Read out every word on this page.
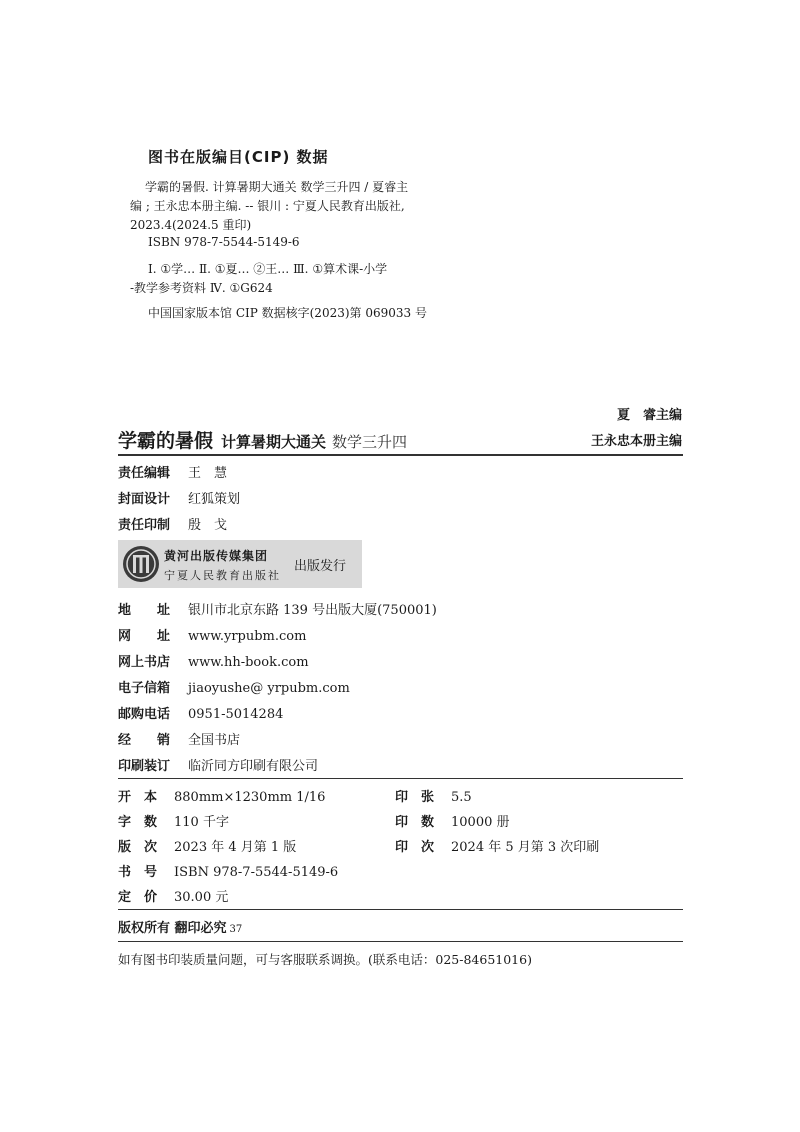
图书在版编目(CIP) 数据
学霸的暑假. 计算暑期大通关 数学三升四 / 夏睿主
编 ; 王永忠本册主编. -- 银川 : 宁夏人民教育出版社,
2023.4(2024.5 重印)
ISBN 978-7-5544-5149-6
Ⅰ. ①学… Ⅱ. ①夏… ②王… Ⅲ. ①算术课-小学
-教学参考资料 Ⅳ. ①G624
中国国家版本馆 CIP 数据核字(2023)第 069033 号
夏　睿主编
王永忠本册主编
学霸的暑假 计算暑期大通关 数学三升四
责任编辑 王　慧
封面设计 红狐策划
责任印制 殷　戈
黄河出版传媒集团
宁夏人民教育出版社
出版发行
地　　址 银川市北京东路 139 号出版大厦(750001)
网　　址 www.yrpubm.com
网上书店 www.hh-book.com
电子信箱 jiaoyushe@ yrpubm.com
邮购电话 0951-5014284
经　　销 全国书店
印刷装订 临沂同方印刷有限公司
开　本 880mm×1230mm 1/16
字　数 110 千字
版　次 2023 年 4 月第 1 版
书　号 ISBN 978-7-5544-5149-6
定　价 30.00 元
印　张 5.5
印　数 10000 册
印　次 2024 年 5 月第 3 次印刷
版权所有 翻印必究 37
如有图书印装质量问题，可与客服联系调换。(联系电话：025-84651016)
